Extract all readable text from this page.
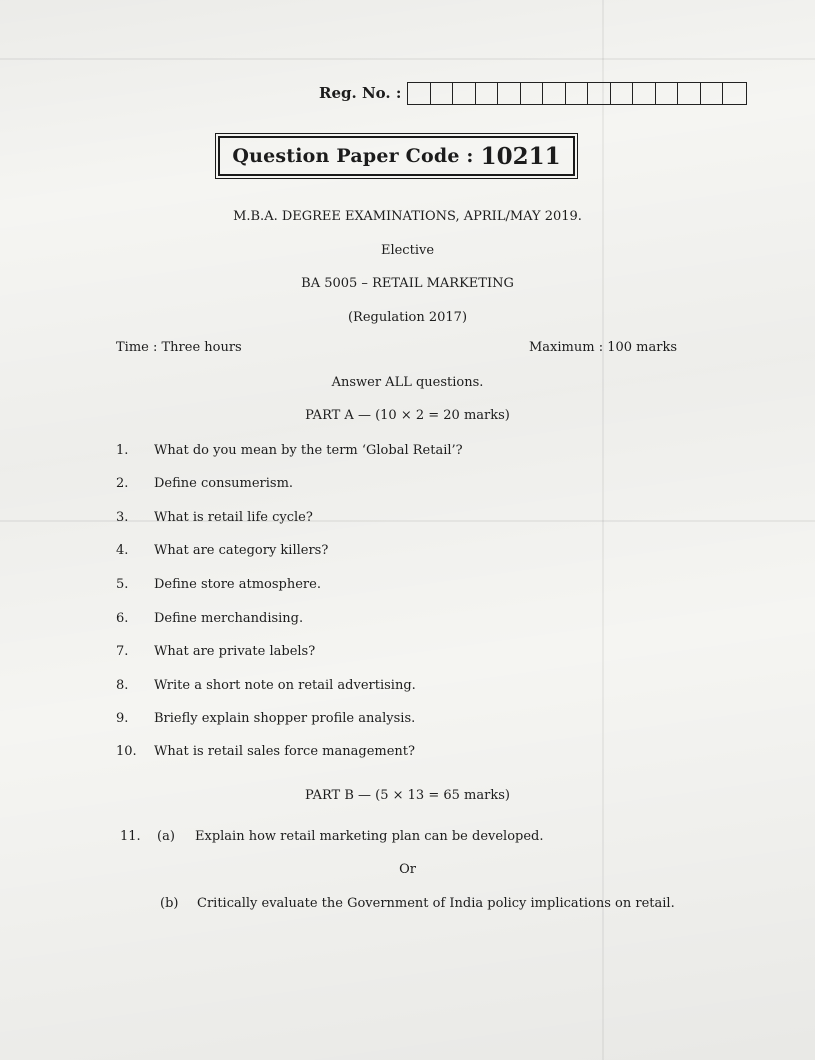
Reg. No. :
Question Paper Code : 10211
M.B.A. DEGREE EXAMINATIONS, APRIL/MAY 2019.
Elective
BA 5005 – RETAIL MARKETING
(Regulation 2017)
Time : Three hours	Maximum : 100 marks
Answer ALL questions.
PART A — (10 × 2 = 20 marks)
1. What do you mean by the term ‘Global Retail’?
2. Define consumerism.
3. What is retail life cycle?
4. What are category killers?
5. Define store atmosphere.
6. Define merchandising.
7. What are private labels?
8. Write a short note on retail advertising.
9. Briefly explain shopper profile analysis.
10. What is retail sales force management?
PART B — (5 × 13 = 65 marks)
11. (a) Explain how retail marketing plan can be developed.
Or
(b) Critically evaluate the Government of India policy implications on retail.
